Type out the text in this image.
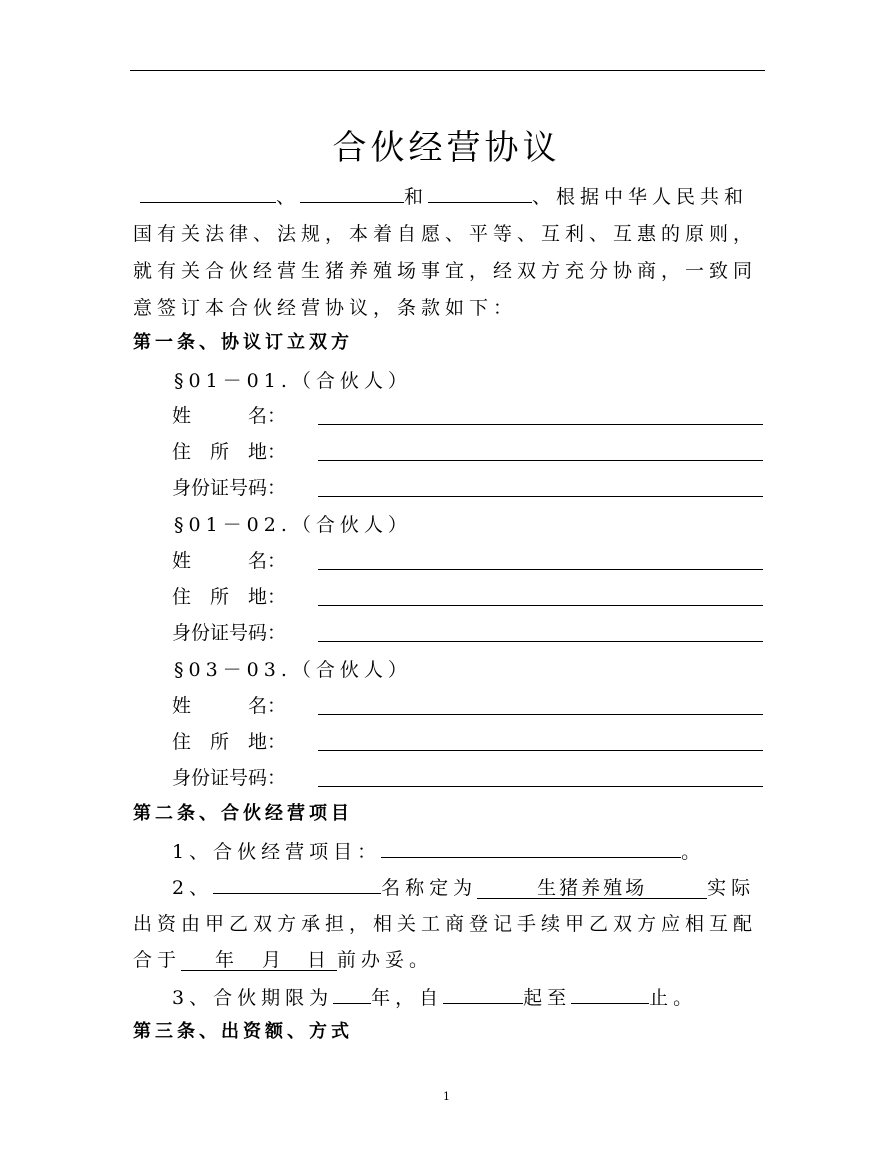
合伙经营协议
、	和	、根据中华人民共和
国有关法律、法规，本着自愿、平等、互利、互惠的原则，
就有关合伙经营生猪养殖场事宜，经双方充分协商，一致同
意签订本合伙经营协议，条款如下：
第一条、协议订立双方
§01－01.（合伙人）
姓　　　名：
住　所　地：
身份证号码：
§01－02.（合伙人）
姓　　　名：
住　所　地：
身份证号码：
§03－03.（合伙人）
姓　　　名：
住　所　地：
身份证号码：
第二条、合伙经营项目
1、合伙经营项目：	。
2、	名称定为	生猪养殖场	实际
出资由甲乙双方承担，相关工商登记手续甲乙双方应相互配
合于 年 月 日 前办妥。
3、合伙期限为 年，自	起至	止。
第三条、出资额、方式
1
